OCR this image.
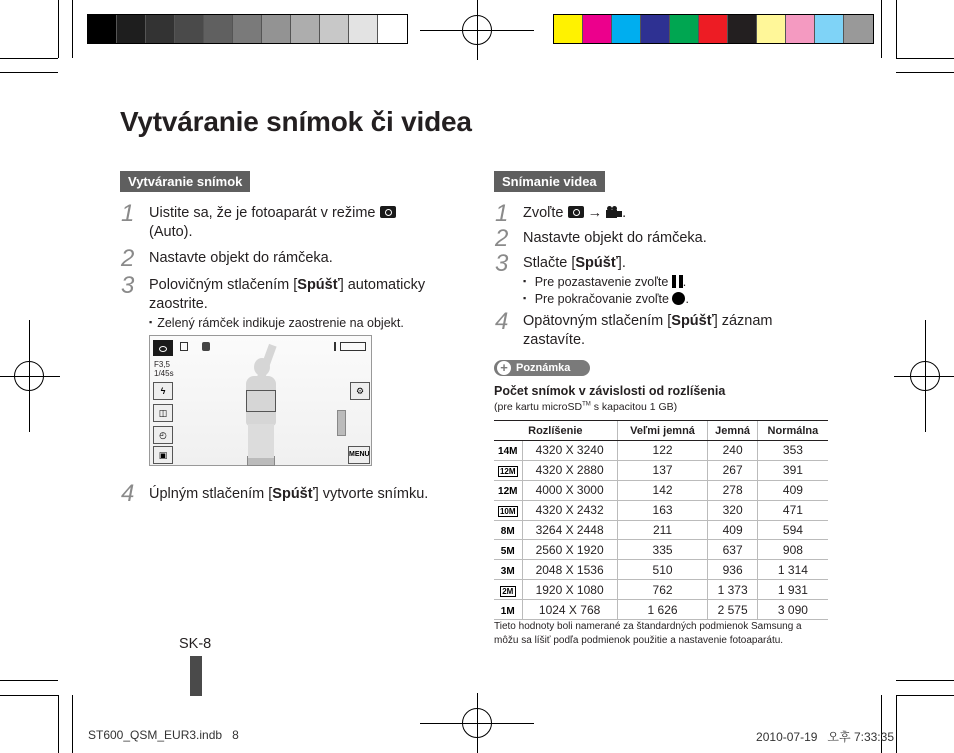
Vytváranie snímok či videa
Vytváranie snímok
1 Uistite sa, že je fotoaparát v režime
(Auto).
2 Nastavte objekt do rámčeka.
3 Polovičným stlačením [Spúšť] automaticky
zaostrite.
▪ Zelený rámček indikuje zaostrenie na objekt.
F3,5
1/45s
ϟ
◫
◴
▣
⚙
MENU
4 Úplným stlačením [Spúšť] vytvorte snímku.
Snímanie videa
1 Zvoľte → .
2 Nastavte objekt do rámčeka.
3 Stlačte [Spúšť].
▪ Pre pozastavenie zvoľte .
▪ Pre pokračovanie zvoľte .
4 Opätovným stlačením [Spúšť] záznam
zastavíte.
+ Poznámka
Počet snímok v závislosti od rozlíšenia
(pre kartu microSD™ s kapacitou 1 GB)
Rozlíšenie		Veľmi jemná	Jemná	Normálna
14M	4320 X 3240	122	240	353
12M	4320 X 2880	137	267	391
12M	4000 X 3000	142	278	409
10M	4320 X 2432	163	320	471
8M	3264 X 2448	211	409	594
5M	2560 X 1920	335	637	908
3M	2048 X 1536	510	936	1 314
2M	1920 X 1080	762	1 373	1 931
1M	1024 X 768	1 626	2 575	3 090
Tieto hodnoty boli namerané za štandardných podmienok Samsung a
môžu sa líšiť podľa podmienok použitie a nastavenie fotoaparátu.
SK-8
ST600_QSM_EUR3.indb   8	2010-07-19   오후 7:33:35
